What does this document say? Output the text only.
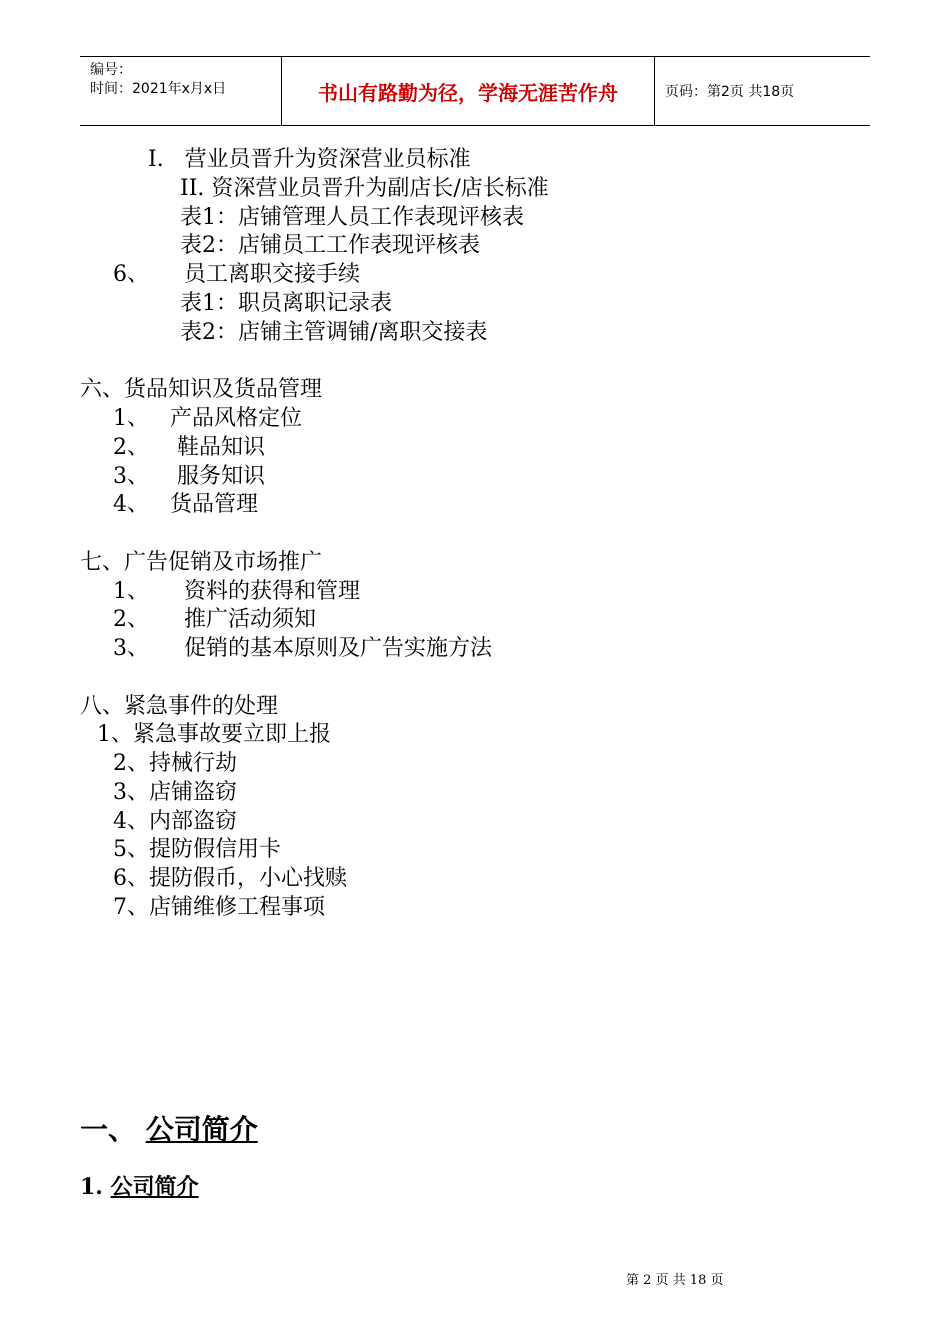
编号：
时间：2021年x月x日	书山有路勤为径，学海无涯苦作舟	页码：第2页 共18页
I.   营业员晋升为资深营业员标准
II. 资深营业员晋升为副店长/店长标准
表1：店铺管理人员工作表现评核表
表2：店铺员工工作表现评核表
6、     员工离职交接手续
表1：职员离职记录表
表2：店铺主管调铺/离职交接表
六、货品知识及货品管理
1、   产品风格定位
2、    鞋品知识
3、    服务知识
4、   货品管理
七、广告促销及市场推广
1、     资料的获得和管理
2、     推广活动须知
3、     促销的基本原则及广告实施方法
八、紧急事件的处理
1、紧急事故要立即上报
2、持械行劫
3、店铺盗窃
4、内部盗窃
5、提防假信用卡
6、提防假币，小心找赎
7、店铺维修工程事项
一、 公司简介
1. 公司简介
第 2 页 共 18 页
